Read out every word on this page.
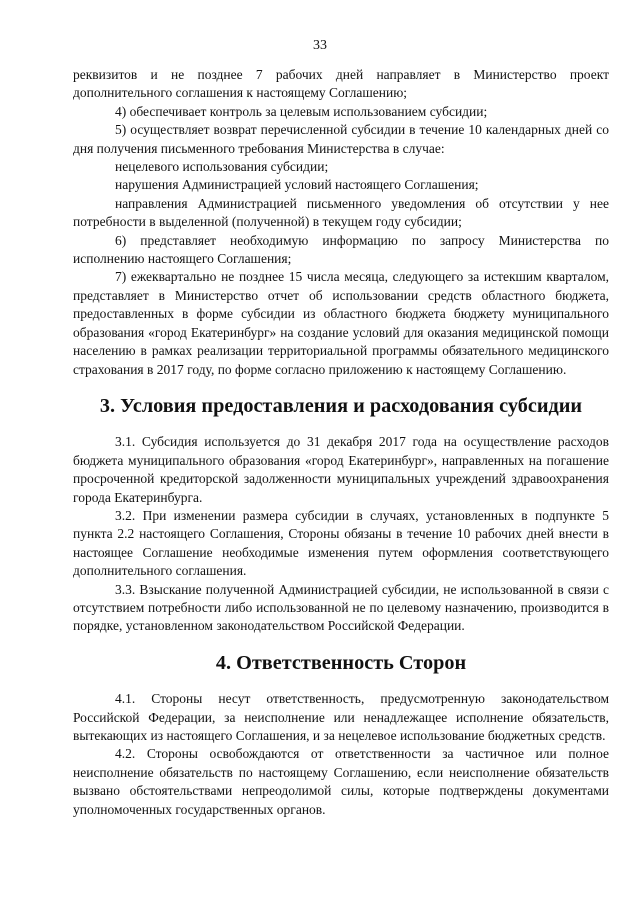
33

реквизитов и не позднее 7 рабочих дней направляет в Министерство проект дополнительного соглашения к настоящему Соглашению;

4) обеспечивает контроль за целевым использованием субсидии;

5) осуществляет возврат перечисленной субсидии в течение 10 календарных дней со дня получения письменного требования Министерства в случае:

нецелевого использования субсидии;

нарушения Администрацией условий настоящего Соглашения;

направления Администрацией письменного уведомления об отсутствии у нее потребности в выделенной (полученной) в текущем году субсидии;

6) представляет необходимую информацию по запросу Министерства по исполнению настоящего Соглашения;

7) ежеквартально не позднее 15 числа месяца, следующего за истекшим кварталом, представляет в Министерство отчет об использовании средств областного бюджета, предоставленных в форме субсидии из областного бюджета бюджету муниципального образования «город Екатеринбург» на создание условий для оказания медицинской помощи населению в рамках реализации территориальной программы обязательного медицинского страхования в 2017 году, по форме согласно приложению к настоящему Соглашению.

3. Условия предоставления и расходования субсидии

3.1. Субсидия используется до 31 декабря 2017 года на осуществление расходов бюджета муниципального образования «город Екатеринбург», направленных на погашение просроченной кредиторской задолженности муниципальных учреждений здравоохранения города Екатеринбурга.

3.2. При изменении размера субсидии в случаях, установленных в подпункте 5 пункта 2.2 настоящего Соглашения, Стороны обязаны в течение 10 рабочих дней внести в настоящее Соглашение необходимые изменения путем оформления соответствующего дополнительного соглашения.

3.3. Взыскание полученной Администрацией субсидии, не использованной в связи с отсутствием потребности либо использованной не по целевому назначению, производится в порядке, установленном законодательством Российской Федерации.

4. Ответственность Сторон

4.1. Стороны несут ответственность, предусмотренную законодательством Российской Федерации, за неисполнение или ненадлежащее исполнение обязательств, вытекающих из настоящего Соглашения, и за нецелевое использование бюджетных средств.

4.2. Стороны освобождаются от ответственности за частичное или полное неисполнение обязательств по настоящему Соглашению, если неисполнение обязательств вызвано обстоятельствами непреодолимой силы, которые подтверждены документами уполномоченных государственных органов.
